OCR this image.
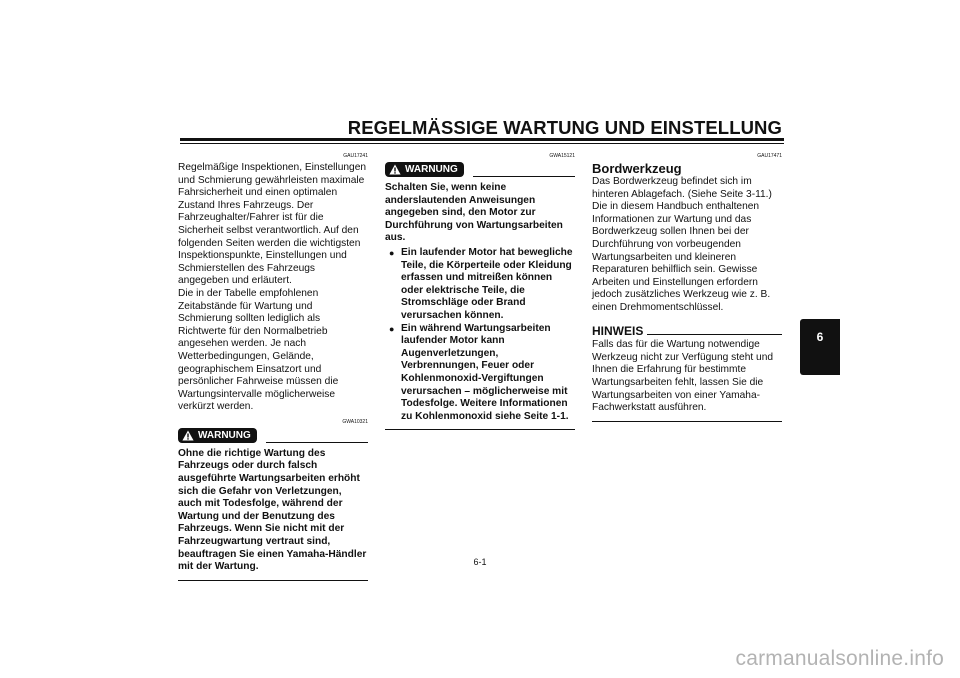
REGELMÄSSIGE WARTUNG UND EINSTELLUNG
GAU17241

Regelmäßige Inspektionen, Einstellungen und Schmierung gewährleisten maximale Fahrsicherheit und einen optimalen Zustand Ihres Fahrzeugs. Der Fahrzeughalter/Fahrer ist für die Sicherheit selbst verantwortlich. Auf den folgenden Seiten werden die wichtigsten Inspektionspunkte, Einstellungen und Schmierstellen des Fahrzeugs angegeben und erläutert.

Die in der Tabelle empfohlenen Zeitabstände für Wartung und Schmierung sollten lediglich als Richtwerte für den Normalbetrieb angesehen werden. Je nach Wetterbedingungen, Gelände, geographischem Einsatzort und persönlicher Fahrweise müssen die Wartungsintervalle möglicherweise verkürzt werden.

GWA10321
WARNUNG

Ohne die richtige Wartung des Fahrzeugs oder durch falsch ausgeführte Wartungsarbeiten erhöht sich die Gefahr von Verletzungen, auch mit Todesfolge, während der Wartung und der Benutzung des Fahrzeugs. Wenn Sie nicht mit der Fahrzeugwartung vertraut sind, beauftragen Sie einen Yamaha-Händler mit der Wartung.

GWA15121
WARNUNG

Schalten Sie, wenn keine anderslautenden Anweisungen angegeben sind, den Motor zur Durchführung von Wartungsarbeiten aus.

● Ein laufender Motor hat bewegliche Teile, die Körperteile oder Kleidung erfassen und mitreißen können oder elektrische Teile, die Stromschläge oder Brand verursachen können.
● Ein während Wartungsarbeiten laufender Motor kann Augenverletzungen, Verbrennungen, Feuer oder Kohlenmonoxid-Vergiftungen verursachen – möglicherweise mit Todesfolge. Weitere Informationen zu Kohlenmonoxid siehe Seite 1-1.
GAU17471
Bordwerkzeug

Das Bordwerkzeug befindet sich im hinteren Ablagefach. (Siehe Seite 3-11.)

Die in diesem Handbuch enthaltenen Informationen zur Wartung und das Bordwerkzeug sollen Ihnen bei der Durchführung von vorbeugenden Wartungsarbeiten und kleineren Reparaturen behilflich sein. Gewisse Arbeiten und Einstellungen erfordern jedoch zusätzliches Werkzeug wie z. B. einen Drehmomentschlüssel.

HINWEIS

Falls das für die Wartung notwendige Werkzeug nicht zur Verfügung steht und Ihnen die Erfahrung für bestimmte Wartungsarbeiten fehlt, lassen Sie die Wartungsarbeiten von einer Yamaha-Fachwerkstatt ausführen.

6
6-1
carmanualsonline.info
